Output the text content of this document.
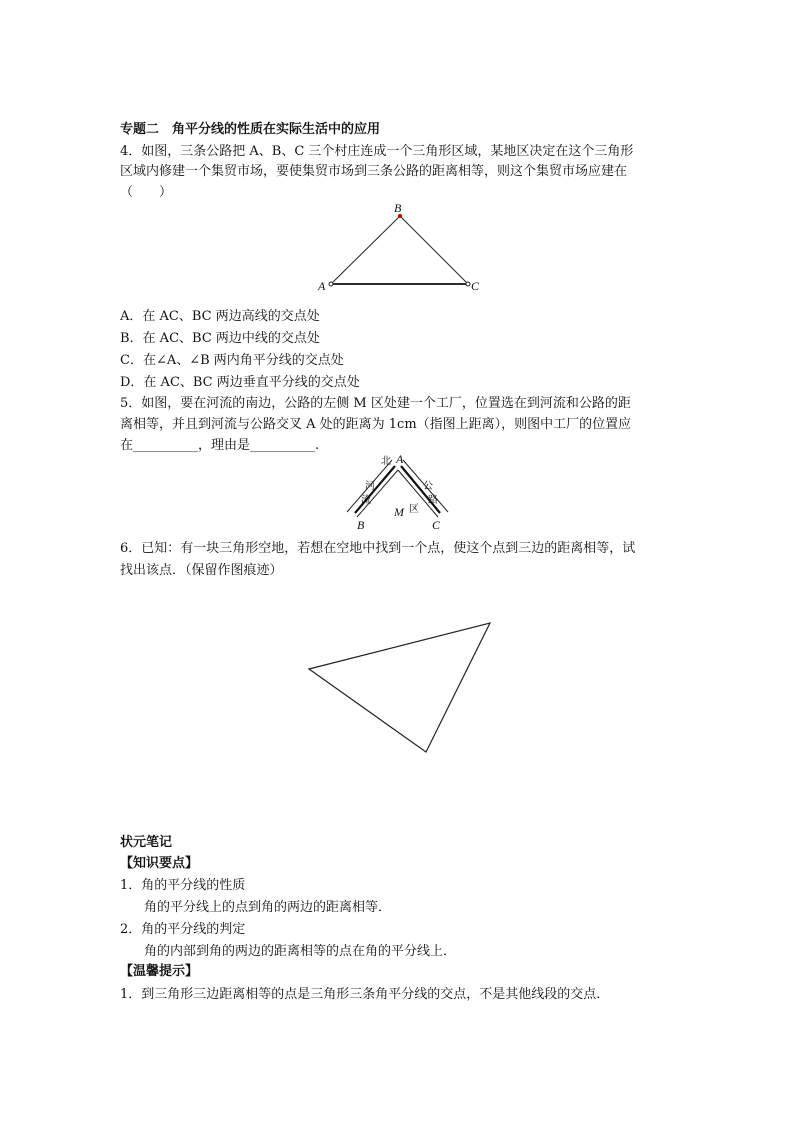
专题二　角平分线的性质在实际生活中的应用
4．如图，三条公路把 A、B、C 三个村庄连成一个三角形区域，某地区决定在这个三角形
区域内修建一个集贸市场，要使集贸市场到三条公路的距离相等，则这个集贸市场应建在
（　　）
B
A	C
A．在 AC、BC 两边高线的交点处
B．在 AC、BC 两边中线的交点处
C．在∠A、∠B 两内角平分线的交点处
D．在 AC、BC 两边垂直平分线的交点处
5．如图，要在河流的南边，公路的左侧 M 区处建一个工厂，位置选在到河流和公路的距
离相等，并且到河流与公路交叉 A 处的距离为 1cm（指图上距离），则图中工厂的位置应
在__________，理由是__________.
北 A
河
流
公
路
M 区
B	C
6．已知：有一块三角形空地，若想在空地中找到一个点，使这个点到三边的距离相等，试
找出该点．（保留作图痕迹）
状元笔记
【知识要点】
1．角的平分线的性质
角的平分线上的点到角的两边的距离相等．
2．角的平分线的判定
角的内部到角的两边的距离相等的点在角的平分线上．
【温馨提示】
1．到三角形三边距离相等的点是三角形三条角平分线的交点，不是其他线段的交点．
